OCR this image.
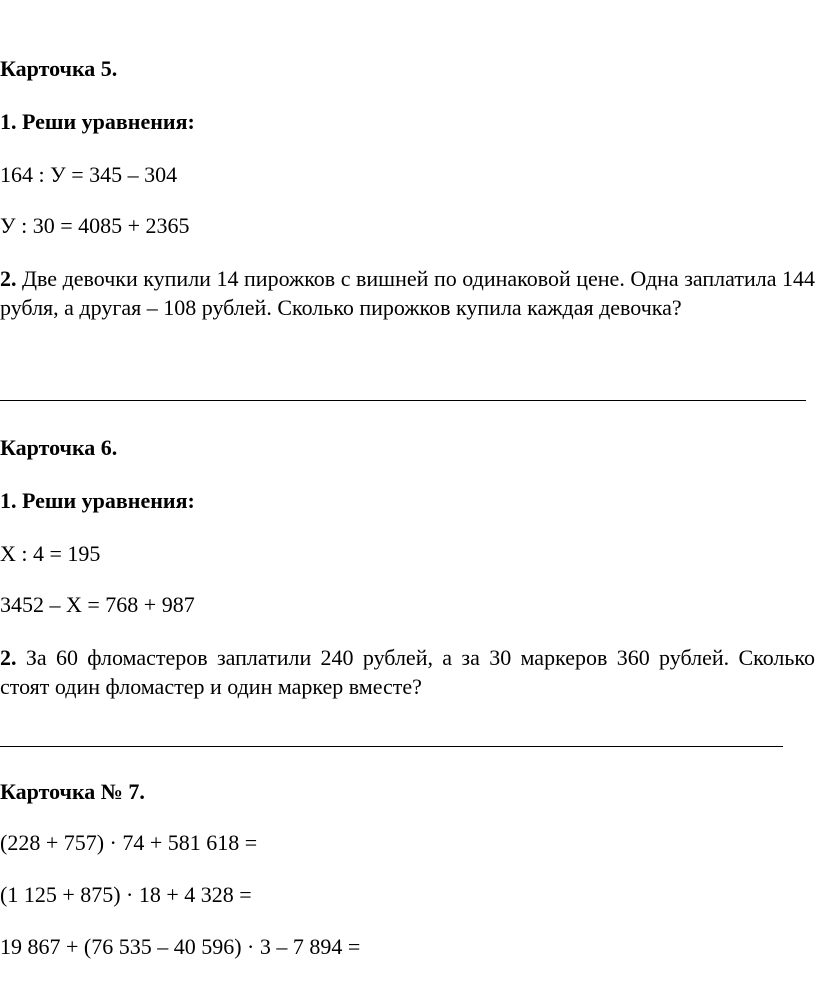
Карточка 5.
1. Реши уравнения:
164 : У = 345 – 304
У : 30 = 4085 + 2365
2. Две девочки купили 14 пирожков с вишней по одинаковой цене. Одна заплатила 144 рубля, а другая – 108 рублей. Сколько пирожков купила каждая девочка?
Карточка 6.
1. Реши уравнения:
Х : 4 = 195
3452 – Х = 768 + 987
2. За 60 фломастеров заплатили 240 рублей, а за 30 маркеров 360 рублей. Сколько стоят один фломастер и один маркер вместе?
Карточка № 7.
(228 + 757) · 74 + 581 618 =
(1 125 + 875) · 18 + 4 328 =
19 867 + (76 535 – 40 596) · 3 – 7 894 =
